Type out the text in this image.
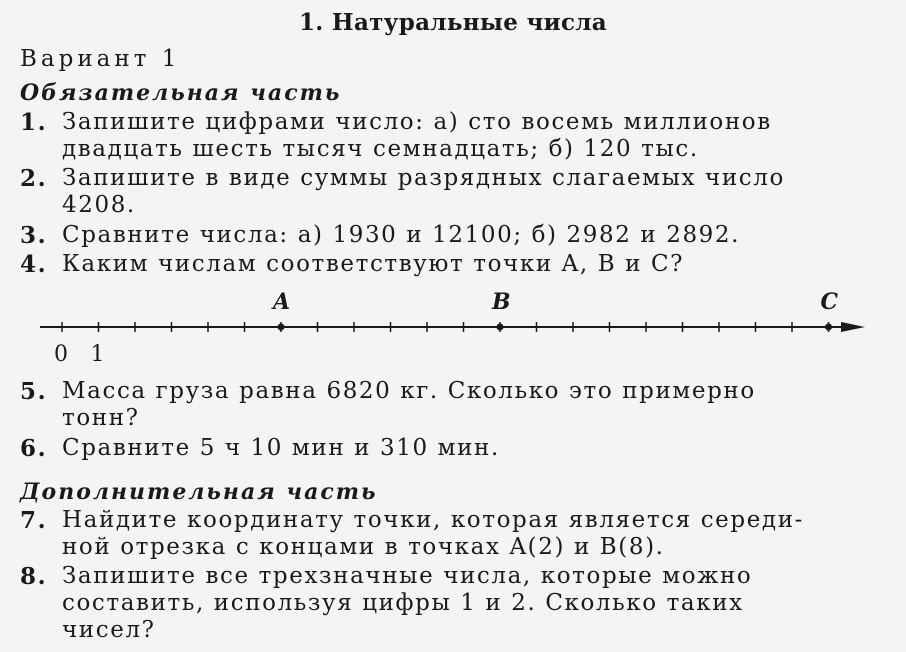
1. Натуральные числа
Вариант 1
Обязательная часть
1. Запишите цифрами число: а) сто восемь миллионов
двадцать шесть тысяч семнадцать; б) 120 тыс.
2. Запишите в виде суммы разрядных слагаемых число
4208.
3. Сравните числа: а) 1930 и 12100; б) 2982 и 2892.
4. Каким числам соответствуют точки A, B и C?
0 1
A	B	C
5. Масса груза равна 6820 кг. Сколько это примерно
тонн?
6. Сравните 5 ч 10 мин и 310 мин.
Дополнительная часть
7. Найдите координату точки, которая является середи-
ной отрезка с концами в точках A(2) и B(8).
8. Запишите все трехзначные числа, которые можно
составить, используя цифры 1 и 2. Сколько таких
чисел?
